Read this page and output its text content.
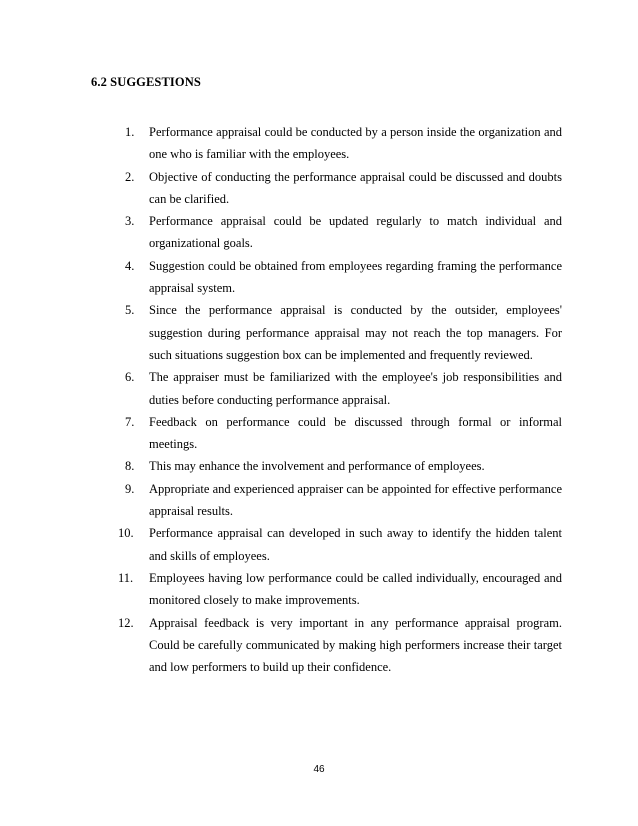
6.2 SUGGESTIONS
1. Performance appraisal could be conducted by a person inside the organization and one who is familiar with the employees.
2. Objective of conducting the performance appraisal could be discussed and doubts can be clarified.
3. Performance appraisal could be updated regularly to match individual and organizational goals.
4. Suggestion could be obtained from employees regarding framing the performance appraisal system.
5. Since the performance appraisal is conducted by the outsider, employees' suggestion during performance appraisal may not reach the top managers. For such situations suggestion box can be implemented and frequently reviewed.
6. The appraiser must be familiarized with the employee's job responsibilities and duties before conducting performance appraisal.
7. Feedback on performance could be discussed through formal or informal meetings.
8. This may enhance the involvement and performance of employees.
9. Appropriate and experienced appraiser can be appointed for effective performance appraisal results.
10. Performance appraisal can developed in such away to identify the hidden talent and skills of employees.
11. Employees having low performance could be called individually, encouraged and monitored closely to make improvements.
12. Appraisal feedback is very important in any performance appraisal program. Could be carefully communicated by making high performers increase their target and low performers to build up their confidence.
46
